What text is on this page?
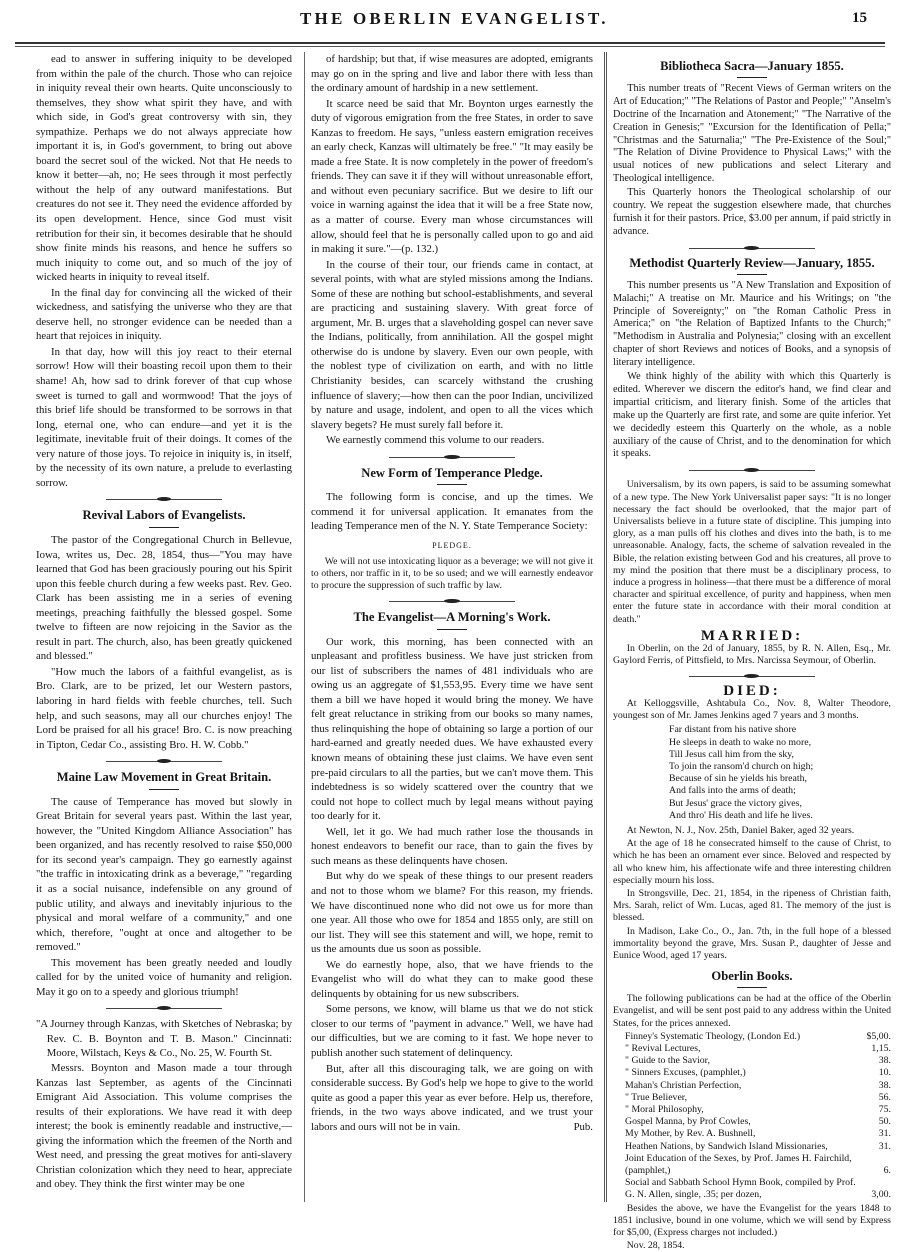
THE OBERLIN EVANGELIST.	15

ead to answer in suffering iniquity to be developed from within the pale of the church. Those who can rejoice in iniquity reveal their own hearts. Quite unconsciously to themselves, they show what spirit they have, and with which side, in God's great controversy with sin, they sympathize. Perhaps we do not always appreciate how important it is, in God's government, to bring out above board the secret soul of the wicked. Not that He needs to know it better—ah, no; He sees through it most perfectly without the help of any outward manifestations. But creatures do not see it. They need the evidence afforded by its open development. Hence, since God must visit retribution for their sin, it becomes desirable that he should show finite minds his reasons, and hence he suffers so much iniquity to come out, and so much of the joy of wicked hearts in iniquity to reveal itself.

In the final day for convincing all the wicked of their wickedness, and satisfying the universe who they are that deserve hell, no stronger evidence can be needed than a heart that rejoices in iniquity.

In that day, how will this joy react to their eternal sorrow! How will their boasting recoil upon them to their shame! Ah, how sad to drink forever of that cup whose sweet is turned to gall and wormwood! That the joys of this brief life should be transformed to be sorrows in that long, eternal one, who can endure—and yet it is the legitimate, inevitable fruit of their doings. It comes of the very nature of those joys. To rejoice in iniquity is, in itself, by the necessity of its own nature, a prelude to everlasting sorrow.

Revival Labors of Evangelists.

The pastor of the Congregational Church in Bellevue, Iowa, writes us, Dec. 28, 1854, thus—"You may have learned that God has been graciously pouring out his Spirit upon this feeble church during a few weeks past. Rev. Geo. Clark has been assisting me in a series of evening meetings, preaching faithfully the blessed gospel. Some twelve to fifteen are now rejoicing in the Savior as the result in part. The church, also, has been greatly quickened and blessed."

"How much the labors of a faithful evangelist, as is Bro. Clark, are to be prized, let our Western pastors, laboring in hard fields with feeble churches, tell. Such help, and such seasons, may all our churches enjoy! The Lord be praised for all his grace! Bro. C. is now preaching in Tipton, Cedar Co., assisting Bro. H. W. Cobb."

Maine Law Movement in Great Britain.

The cause of Temperance has moved but slowly in Great Britain for several years past. Within the last year, however, the "United Kingdom Alliance Association" has been organized, and has recently resolved to raise $50,000 for its second year's campaign. They go earnestly against "the traffic in intoxicating drink as a beverage," "regarding it as a social nuisance, indefensible on any ground of public utility, and always and inevitably injurious to the physical and moral welfare of a community," and one which, therefore, "ought at once and altogether to be removed."

This movement has been greatly needed and loudly called for by the united voice of humanity and religion. May it go on to a speedy and glorious triumph!

"A Journey through Kanzas, with Sketches of Nebraska; by Rev. C. B. Boynton and T. B. Mason." Cincinnati: Moore, Wilstach, Keys & Co., No. 25, W. Fourth St.

Messrs. Boynton and Mason made a tour through Kanzas last September, as agents of the Cincinnati Emigrant Aid Association. This volume comprises the results of their explorations. We have read it with deep interest; the book is eminently readable and instructive,—giving the information which the freemen of the North and West need, and pressing the great motives for anti-slavery Christian colonization which they need to hear, appreciate and obey. They think the first winter may be one

of hardship; but that, if wise measures are adopted, emigrants may go on in the spring and live and labor there with less than the ordinary amount of hardship in a new settlement.

It scarce need be said that Mr. Boynton urges earnestly the duty of vigorous emigration from the free States, in order to save Kanzas to freedom. He says, "unless eastern emigration receives an early check, Kanzas will ultimately be free." "It may easily be made a free State. It is now completely in the power of freedom's friends. They can save it if they will without unreasonable effort, and without even pecuniary sacrifice. But we desire to lift our voice in warning against the idea that it will be a free State now, as a matter of course. Every man whose circumstances will allow, should feel that he is personally called upon to go and aid in making it sure."—(p. 132.)

In the course of their tour, our friends came in contact, at several points, with what are styled missions among the Indians. Some of these are nothing but school-establishments, and several are practicing and sustaining slavery. With great force of argument, Mr. B. urges that a slaveholding gospel can never save the Indians, politically, from annihilation. All the gospel might otherwise do is undone by slavery. Even our own people, with the noblest type of civilization on earth, and with no little Christianity besides, can scarcely withstand the crushing influence of slavery;—how then can the poor Indian, uncivilized by nature and usage, indolent, and open to all the vices which slavery begets? He must surely fall before it.

We earnestly commend this volume to our readers.

New Form of Temperance Pledge.

The following form is concise, and up the times. We commend it for universal application. It emanates from the leading Temperance men of the N. Y. State Temperance Society:

PLEDGE.

We will not use intoxicating liquor as a beverage; we will not give it to others, nor traffic in it, to be so used; and we will earnestly endeavor to procure the suppression of such traffic by law.

The Evangelist—A Morning's Work.

Our work, this morning, has been connected with an unpleasant and profitless business. We have just stricken from our list of subscribers the names of 481 individuals who are owing us an aggregate of $1,553,95. Every time we have sent them a bill we have hoped it would bring the money. We have felt great reluctance in striking from our books so many names, thus relinquishing the hope of obtaining so large a portion of our hard-earned and greatly needed dues. We have exhausted every known means of obtaining these just claims. We have even sent pre-paid circulars to all the parties, but we can't move them. This indebtedness is so widely scattered over the country that we could not hope to collect much by legal means without paying too dearly for it.

Well, let it go. We had much rather lose the thousands in honest endeavors to benefit our race, than to gain the fives by such means as these delinquents have chosen.

But why do we speak of these things to our present readers and not to those whom we blame? For this reason, my friends. We have discontinued none who did not owe us for more than one year. All those who owe for 1854 and 1855 only, are still on our list. They will see this statement and will, we hope, remit to us the amounts due us soon as possible.

We do earnestly hope, also, that we have friends to the Evangelist who will do what they can to make good these delinquents by obtaining for us new subscribers.

Some persons, we know, will blame us that we do not stick closer to our terms of "payment in advance." Well, we have had our difficulties, but we are coming to it fast. We hope never to publish another such statement of delinquency.

But, after all this discouraging talk, we are going on with considerable success. By God's help we hope to give to the world quite as good a paper this year as ever before. Help us, therefore, friends, in the two ways above indicated, and we trust your labors and ours will not be in vain.	Pub.
Bibliotheca Sacra—January 1855.

This number treats of "Recent Views of German writers on the Art of Education;" "The Relations of Pastor and People;" "Anselm's Doctrine of the Incarnation and Atonement;" "The Narrative of the Creation in Genesis;" "Excursion for the Identification of Pella;" "Christmas and the Saturnalia;" "The Pre-Existence of the Soul;" "The Relation of Divine Providence to Physical Laws;" with the usual notices of new publications and select Literary and Theological intelligence.

This Quarterly honors the Theological scholarship of our country. We repeat the suggestion elsewhere made, that churches furnish it for their pastors. Price, $3.00 per annum, if paid strictly in advance.

Methodist Quarterly Review—January, 1855.

This number presents us "A New Translation and Exposition of Malachi;" A treatise on Mr. Maurice and his Writings; on "the Principle of Sovereignty;" on "the Roman Catholic Press in America;" on "the Relation of Baptized Infants to the Church;" "Methodism in Australia and Polynesia;" closing with an excellent chapter of short Reviews and notices of Books, and a synopsis of literary intelligence.

We think highly of the ability with which this Quarterly is edited. Wherever we discern the editor's hand, we find clear and impartial criticism, and literary finish. Some of the articles that make up the Quarterly are first rate, and some are quite inferior. Yet we decidedly esteem this Quarterly on the whole, as a noble auxiliary of the cause of Christ, and to the denomination for which it speaks.

Universalism, by its own papers, is said to be assuming somewhat of a new type. The New York Universalist paper says: "It is no longer necessary the fact should be overlooked, that the major part of Universalists believe in a future state of discipline. This jumping into glory, as a man pulls off his clothes and dives into the bath, is to me unreasonable. Analogy, facts, the scheme of salvation revealed in the Bible, the relation existing between God and his creatures, all prove to my mind the position that there must be a disciplinary process, to induce a progress in holiness—that there must be a difference of moral character and spiritual excellence, of purity and happiness, when men enter the future state in accordance with their moral condition at death."

MARRIED:

In Oberlin, on the 2d of January, 1855, by R. N. Allen, Esq., Mr. Gaylord Ferris, of Pittsfield, to Mrs. Narcissa Seymour, of Oberlin.

DIED:

At Kelloggsville, Ashtabula Co., Nov. 8, Walter Theodore, youngest son of Mr. James Jenkins aged 7 years and 3 months.

Far distant from his native shore
He sleeps in death to wake no more,
Till Jesus call him from the sky,
To join the ransom'd church on high;
Because of sin he yields his breath,
And falls into the arms of death;
But Jesus' grace the victory gives,
And thro' His death and life he lives.

At Newton, N. J., Nov. 25th, Daniel Baker, aged 32 years.

At the age of 18 he consecrated himself to the cause of Christ, to which he has been an ornament ever since. Beloved and respected by all who knew him, his affectionate wife and three interesting children especially mourn his loss.

In Strongsville, Dec. 21, 1854, in the ripeness of Christian faith, Mrs. Sarah, relict of Wm. Lucas, aged 81. The memory of the just is blessed.

In Madison, Lake Co., O., Jan. 7th, in the full hope of a blessed immortality beyond the grave, Mrs. Susan P., daughter of Jesse and Eunice Wood, aged 17 years.

Oberlin Books.

The following publications can be had at the office of the Oberlin Evangelist, and will be sent post paid to any address within the United States, for the prices annexed.

Finney's Systematic Theology, (London Ed.)	$5,00.
" Revival Lectures,	1,15.
" Guide to the Savior,	38.
" Sinners Excuses, (pamphlet,)	10.
Mahan's Christian Perfection,	38.
" True Believer,	56.
" Moral Philosophy,	75.
Gospel Manna, by Prof Cowles,	50.
My Mother, by Rev. A. Bushnell,	31.
Heathen Nations, by Sandwich Island Missionaries,	31.
Joint Education of the Sexes, by Prof. James H. Fairchild, (pamphlet,)	6.
Social and Sabbath School Hymn Book, compiled by Prof. G. N. Allen, single, .35; per dozen,	3,00.

Besides the above, we have the Evangelist for the years 1848 to 1851 inclusive, bound in one volume, which we will send by Express for $5,00, (Express charges not included.)

Nov. 28, 1854.
